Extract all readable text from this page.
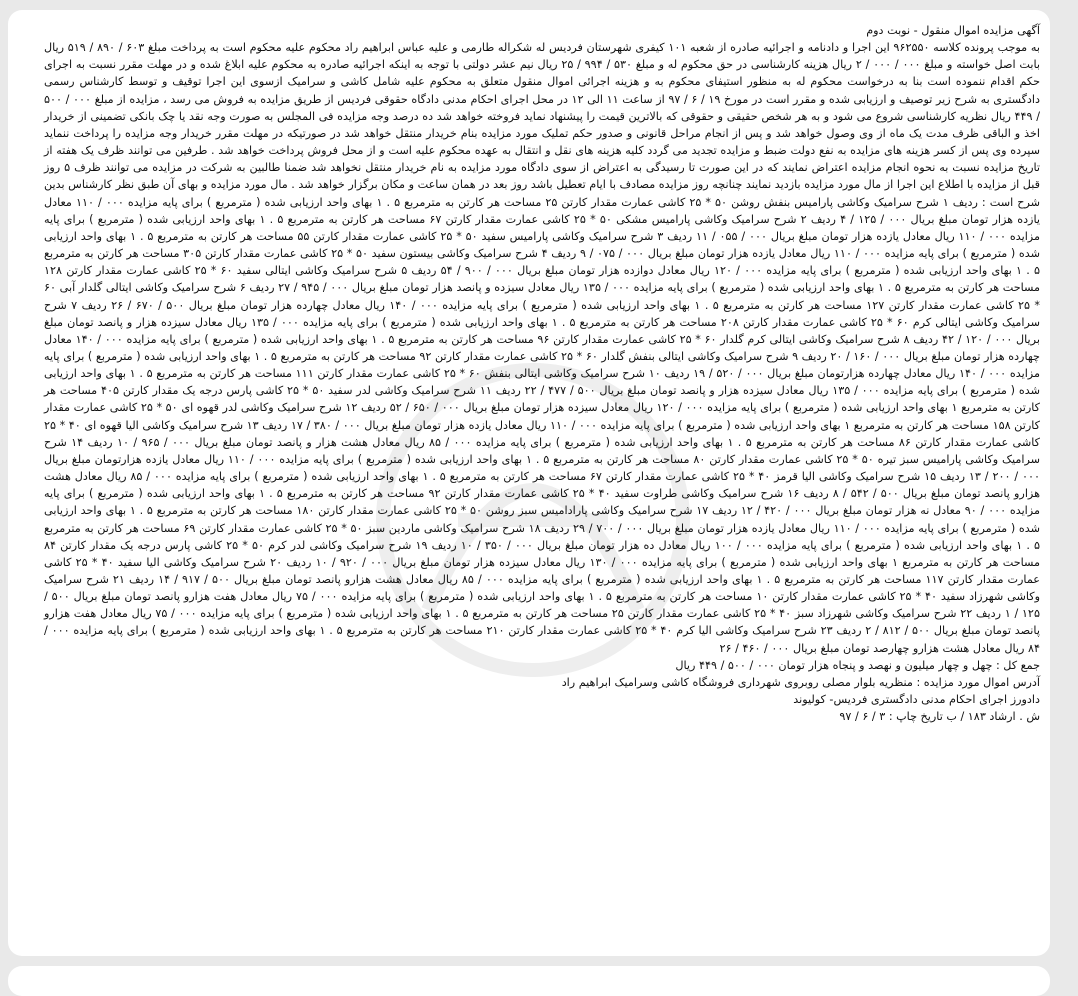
آگهی مزایده اموال منقول - نوبت دوم
به موجب پرونده کلاسه ۹۶۲۵۵۰ این اجرا و دادنامه و اجرائیه صادره از شعبه ۱۰۱ کیفری شهرستان فردیس له شکراله طارمی و علیه عباس ابراهیم راد محکوم علیه محکوم است به پرداخت مبلغ ۶۰۳ / ۸۹۰ / ۵۱۹ ریال بابت اصل خواسته و مبلغ ۰۰۰ / ۰۰۰ / ۲ ریال هزینه کارشناسی در حق محکوم له و مبلغ ۵۳۰ / ۹۹۴ / ۲۵ ریال نیم عشر دولتی با توجه به اینکه اجرائیه صادره به محکوم علیه ابلاغ شده و در مهلت مقرر نسبت به اجرای حکم اقدام ننموده است بنا به درخواست محکوم له به منظور استیفای محکوم به و هزینه اجرائی اموال منقول متعلق به محکوم علیه شامل کاشی و سرامیک ازسوی این اجرا توقیف و توسط کارشناس رسمی دادگستری به شرح زیر توصیف و ارزیابی شده و مقرر است در مورخ ۱۹ / ۶ / ۹۷ از ساعت ۱۱ الی ۱۲ در محل اجرای احکام مدنی دادگاه حقوقی فردیس از طریق مزایده به فروش می رسد ، مزایده از مبلغ ۰۰۰ / ۵۰۰ / ۴۴۹ ریال نظریه کارشناسی شروع می شود و به هر شخص حقیقی و حقوقی که بالاترین قیمت را پیشنهاد نماید فروخته خواهد شد ده درصد وجه مزایده فی المجلس به صورت وجه نقد یا چک بانکی تضمینی از خریدار اخذ و الباقی ظرف مدت یک ماه از وی وصول خواهد شد و پس از انجام مراحل قانونی و صدور حکم تملیک مورد مزایده بنام خریدار منتقل خواهد شد در صورتیکه در مهلت مقرر خریدار وجه مزایده را پرداخت ننماید سپرده وی پس از کسر هزینه های مزایده به نفع دولت ضبط و مزایده تجدید می گردد کلیه هزینه های نقل و انتقال به عهده محکوم علیه است و از محل فروش پرداخت خواهد شد . طرفین می توانند ظرف یک هفته از تاریخ مزایده نسبت به نحوه انجام مزایده اعتراض نمایند که در این صورت تا رسیدگی به اعتراض از سوی دادگاه مورد مزایده به نام خریدار منتقل نخواهد شد ضمنا طالبین به شرکت در مزایده می توانند ظرف ۵ روز قبل از مزایده با اطلاع این اجرا از مال مورد مزایده بازدید نمایند چنانچه روز مزایده مصادف با ایام تعطیل باشد روز بعد در همان ساعت و مکان برگزار خواهد شد . مال مورد مزایده و بهای آن طبق نظر کارشناس بدین شرح است : ردیف ۱ شرح سرامیک وکاشی پارامیس بنفش روشن ۵۰ * ۲۵ کاشی عمارت مقدار کارتن ۲۵ مساحت هر کارتن به مترمربع ۵ . ۱ بهای واحد ارزیابی شده ( مترمربع ) برای پایه مزایده ۰۰۰ / ۱۱۰ معادل یازده هزار تومان مبلغ بریال ۰۰۰ / ۱۲۵ / ۴ ردیف ۲ شرح سرامیک وکاشی پارامیس مشکی ۵۰ * ۲۵ کاشی عمارت مقدار کارتن ۶۷ مساحت هر کارتن به مترمربع ۵ . ۱ بهای واحد ارزیابی شده ( مترمربع ) برای پایه مزایده ۰۰۰ / ۱۱۰ ریال معادل یازده هزار تومان مبلغ بریال ۰۰۰ / ۰۵۵ / ۱۱ ردیف ۳ شرح سرامیک وکاشی پارامیس سفید ۵۰ * ۲۵ کاشی عمارت مقدار کارتن ۵۵ مساحت هر کارتن به مترمربع ۵ . ۱ بهای واحد ارزیابی شده ( مترمربع ) برای پایه مزایده ۰۰۰ / ۱۱۰ ریال معادل یازده هزار تومان مبلغ بریال ۰۰۰ / ۰۷۵ / ۹ ردیف ۴ شرح سرامیک وکاشی بیستون سفید ۵۰ * ۲۵ کاشی عمارت مقدار کارتن ۳۰۵ مساحت هر کارتن به مترمربع ۵ . ۱ بهای واحد ارزیابی شده ( مترمربع ) برای پایه مزایده ۰۰۰ / ۱۲۰ ریال معادل دوازده هزار تومان مبلغ بریال ۰۰۰ / ۹۰۰ / ۵۴ ردیف ۵ شرح سرامیک وکاشی ایتالی سفید ۶۰ * ۲۵ کاشی عمارت مقدار کارتن ۱۲۸ مساحت هر کارتن به مترمربع ۵ . ۱ بهای واحد ارزیابی شده ( مترمربع ) برای پایه مزایده ۰۰۰ / ۱۳۵ ریال معادل سیزده و پانصد هزار تومان مبلغ بریال ۰۰۰ / ۹۴۵ / ۲۷ ردیف ۶ شرح سرامیک وکاشی ایتالی گلدار آبی ۶۰ * ۲۵ کاشی عمارت مقدار کارتن ۱۲۷ مساحت هر کارتن به مترمربع ۵ . ۱ بهای واحد ارزیابی شده ( مترمربع ) برای پایه مزایده ۰۰۰ / ۱۴۰ ریال معادل چهارده هزار تومان مبلغ بریال ۵۰۰ / ۶۷۰ / ۲۶ ردیف ۷ شرح سرامیک وکاشی ایتالی کرم ۶۰ * ۲۵ کاشی عمارت مقدار کارتن ۲۰۸ مساحت هر کارتن به مترمربع ۵ . ۱ بهای واحد ارزیابی شده ( مترمربع ) برای پایه مزایده ۰۰۰ / ۱۳۵ ریال معادل سیزده هزار و پانصد تومان مبلغ بریال ۰۰۰ / ۱۲۰ / ۴۲ ردیف ۸ شرح سرامیک وکاشی ایتالی کرم گلدار ۶۰ * ۲۵ کاشی عمارت مقدار کارتن ۹۶ مساحت هر کارتن به مترمربع ۵ . ۱ بهای واحد ارزیابی شده ( مترمربع ) برای پایه مزایده ۰۰۰ / ۱۴۰ معادل چهارده هزار تومان مبلغ بریال ۰۰۰ / ۱۶۰ / ۲۰ ردیف ۹ شرح سرامیک وکاشی ایتالی بنفش گلدار ۶۰ * ۲۵ کاشی عمارت مقدار کارتن ۹۲ مساحت هر کارتن به مترمربع ۵ . ۱ بهای واحد ارزیابی شده ( مترمربع ) برای پایه مزایده ۰۰۰ / ۱۴۰ ریال معادل چهارده هزارتومان مبلغ بریال ۰۰۰ / ۵۲۰ / ۱۹ ردیف ۱۰ شرح سرامیک وکاشی ایتالی بنفش ۶۰ * ۲۵ کاشی عمارت مقدار کارتن ۱۱۱ مساحت هر کارتن به مترمربع ۵ . ۱ بهای واحد ارزیابی شده ( مترمربع ) برای پایه مزایده ۰۰۰ / ۱۳۵ ریال معادل سیزده هزار و پانصد تومان مبلغ بریال ۵۰۰ / ۴۷۷ / ۲۲ ردیف ۱۱ شرح سرامیک وکاشی لدر سفید ۵۰ * ۲۵ کاشی پارس درجه یک مقدار کارتن ۴۰۵ مساحت هر کارتن به مترمربع ۱ بهای واحد ارزیابی شده ( مترمربع ) برای پایه مزایده ۰۰۰ / ۱۲۰ ریال معادل سیزده هزار تومان مبلغ بریال ۰۰۰ / ۶۵۰ / ۵۲ ردیف ۱۲ شرح سرامیک وکاشی لدر قهوه ای ۵۰ * ۲۵ کاشی عمارت مقدار کارتن ۱۵۸ مساحت هر کارتن به مترمربع ۱ بهای واحد ارزیابی شده ( مترمربع ) برای پایه مزایده ۰۰۰ / ۱۱۰ ریال معادل یازده هزار تومان مبلغ بریال ۰۰۰ / ۳۸۰ / ۱۷ ردیف ۱۳ شرح سرامیک وکاشی الیا قهوه ای ۴۰ * ۲۵ کاشی عمارت مقدار کارتن ۸۶ مساحت هر کارتن به مترمربع ۵ . ۱ بهای واحد ارزیابی شده ( مترمربع ) برای پایه مزایده ۰۰۰ / ۸۵ ریال معادل هشت هزار و پانصد تومان مبلغ بریال ۰۰۰ / ۹۶۵ / ۱۰ ردیف ۱۴ شرح سرامیک وکاشی پارامیس سبز تیره ۵۰ * ۲۵ کاشی عمارت مقدار کارتن ۸۰ مساحت هر کارتن به مترمربع ۵ . ۱ بهای واحد ارزیابی شده ( مترمربع ) برای پایه مزایده ۰۰۰ / ۱۱۰ ریال معادل یازده هزارتومان مبلغ بریال ۰۰۰ / ۲۰۰ / ۱۳ ردیف ۱۵ شرح سرامیک وکاشی الیا قرمز ۴۰ * ۲۵ کاشی عمارت مقدار کارتن ۶۷ مساحت هر کارتن به مترمربع ۵ . ۱ بهای واحد ارزیابی شده ( مترمربع ) برای پایه مزایده ۰۰۰ / ۸۵ ریال معادل هشت هزارو پانصد تومان مبلغ بریال ۵۰۰ / ۵۴۲ / ۸ ردیف ۱۶ شرح سرامیک وکاشی طراوت سفید ۴۰ * ۲۵ کاشی عمارت مقدار کارتن ۹۲ مساحت هر کارتن به مترمربع ۵ . ۱ بهای واحد ارزیابی شده ( مترمربع ) برای پایه مزایده ۰۰۰ / ۹۰ معادل نه هزار تومان مبلغ بریال ۰۰۰ / ۴۲۰ / ۱۲ ردیف ۱۷ شرح سرامیک وکاشی پارادامیس سبز روشن ۵۰ * ۲۵ کاشی عمارت مقدار کارتن ۱۸۰ مساحت هر کارتن به مترمربع ۵ . ۱ بهای واحد ارزیابی شده ( مترمربع ) برای پایه مزایده ۰۰۰ / ۱۱۰ ریال معادل یازده هزار تومان مبلغ بریال ۰۰۰ / ۷۰۰ / ۲۹ ردیف ۱۸ شرح سرامیک وکاشی ماردین سبز ۵۰ * ۲۵ کاشی عمارت مقدار کارتن ۶۹ مساحت هر کارتن به مترمربع ۵ . ۱ بهای واحد ارزیابی شده ( مترمربع ) برای پایه مزایده ۰۰۰ / ۱۰۰ ریال معادل ده هزار تومان مبلغ بریال ۰۰۰ / ۳۵۰ / ۱۰ ردیف ۱۹ شرح سرامیک وکاشی لدر کرم ۵۰ * ۲۵ کاشی پارس درجه یک مقدار کارتن ۸۴ مساحت هر کارتن به مترمربع ۱ بهای واحد ارزیابی شده ( مترمربع ) برای پایه مزایده ۰۰۰ / ۱۳۰ ریال معادل سیزده هزار تومان مبلغ بریال ۰۰۰ / ۹۲۰ / ۱۰ ردیف ۲۰ شرح سرامیک وکاشی الیا سفید ۴۰ * ۲۵ کاشی عمارت مقدار کارتن ۱۱۷ مساحت هر کارتن به مترمربع ۵ . ۱ بهای واحد ارزیابی شده ( مترمربع ) برای پایه مزایده ۰۰۰ / ۸۵ ریال معادل هشت هزارو پانصد تومان مبلغ بریال ۵۰۰ / ۹۱۷ / ۱۴ ردیف ۲۱ شرح سرامیک وکاشی شهرزاد سفید ۴۰ * ۲۵ کاشی عمارت مقدار کارتن ۱۰ مساحت هر کارتن به مترمربع ۵ . ۱ بهای واحد ارزیابی شده ( مترمربع ) برای پایه مزایده ۰۰۰ / ۷۵ ریال معادل هفت هزارو پانصد تومان مبلغ بریال ۵۰۰ / ۱۲۵ / ۱ ردیف ۲۲ شرح سرامیک وکاشی شهرزاد سبز ۴۰ * ۲۵ کاشی عمارت مقدار کارتن ۲۵ مساحت هر کارتن به مترمربع ۵ . ۱ بهای واحد ارزیابی شده ( مترمربع ) برای پایه مزایده ۰۰۰ / ۷۵ ریال معادل هفت هزارو پانصد تومان مبلغ بریال ۵۰۰ / ۸۱۲ / ۲ ردیف ۲۳ شرح سرامیک وکاشی الیا کرم ۴۰ * ۲۵ کاشی عمارت مقدار کارتن ۲۱۰ مساحت هر کارتن به مترمربع ۵ . ۱ بهای واحد ارزیابی شده ( مترمربع ) برای پایه مزایده ۰۰۰ / ۸۴ ریال معادل هشت هزارو چهارصد تومان مبلغ بریال ۰۰۰ / ۴۶۰ / ۲۶
جمع کل : چهل و چهار میلیون و نهصد و پنجاه هزار تومان ۰۰۰ / ۵۰۰ / ۴۴۹ ریال
آدرس اموال مورد مزایده : منظریه بلوار مصلی روبروی شهرداری فروشگاه کاشی وسرامیک ابراهیم راد
دادورز اجرای احکام مدنی دادگستری فردیس- کولیوند
ش . ارشاد ۱۸۳ / ب تاریخ چاپ : ۳ / ۶ / ۹۷
